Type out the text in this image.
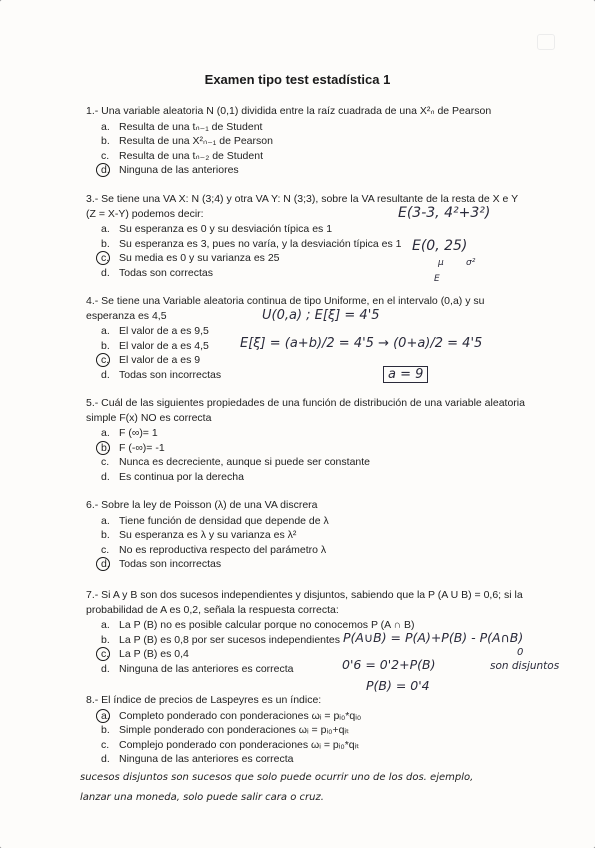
Examen tipo test estadística 1
1.- Una variable aleatoria N (0,1) dividida entre la raíz cuadrada de una X²ₙ de Pearson
a. Resulta de una tₙ₋₁ de Student
b. Resulta de una X²ₙ₋₁ de Pearson
c. Resulta de una tₙ₋₂ de Student
d. Ninguna de las anteriores
3.- Se tiene una VA X: N (3;4) y otra VA Y: N (3;3), sobre la VA resultante de la resta de X e Y (Z = X-Y) podemos decir:
a. Su esperanza es 0 y su desviación típica es 1
b. Su esperanza es 3, pues no varía, y la desviación típica es 1
c. Su media es 0 y su varianza es 25
d. Todas son correctas
4.- Se tiene una Variable aleatoria continua de tipo Uniforme, en el intervalo (0,a) y su esperanza es 4,5
a. El valor de a es 9,5
b. El valor de a es 4,5
c. El valor de a es 9
d. Todas son incorrectas
5.- Cuál de las siguientes propiedades de una función de distribución de una variable aleatoria simple F(x) NO es correcta
a. F (∞)= 1
b. F (-∞)= -1
c. Nunca es decreciente, aunque si puede ser constante
d. Es continua por la derecha
6.- Sobre la ley de Poisson (λ) de una VA discrera
a. Tiene función de densidad que depende de λ
b. Su esperanza es λ y su varianza es λ²
c. No es reproductiva respecto del parámetro λ
d. Todas son incorrectas
7.- Si A y B son dos sucesos independientes y disjuntos, sabiendo que la P (A U B) = 0,6; si la probabilidad de A es 0,2, señala la respuesta correcta:
a. La P (B) no es posible calcular porque no conocemos P (A ∩ B)
b. La P (B) es 0,8 por ser sucesos independientes
c. La P (B) es 0,4
d. Ninguna de las anteriores es correcta
8.- El índice de precios de Laspeyres es un índice:
a. Completo ponderado con ponderaciones ωᵢ = pᵢ₀*qᵢ₀
b. Simple ponderado con ponderaciones ωᵢ = pᵢ₀+qᵢₜ
c. Complejo ponderado con ponderaciones ωᵢ = pᵢ₀*qᵢₜ
d. Ninguna de las anteriores es correcta
E(3-3, 4²+3²)
E(0, 25)
μ σ²
E
U(0,a) ; E[ξ] = 4'5
E[ξ] = (a+b)/2 = 4'5 → (0+a)/2 = 4'5
a = 9
P(A∪B) = P(A)+P(B) - P(A∩B)
0'6 = 0'2+P(B)
P(B) = 0'4
0
son disjuntos
sucesos disjuntos son sucesos que solo puede ocurrir uno de los dos. ejemplo,
lanzar una moneda, solo puede salir cara o cruz.
